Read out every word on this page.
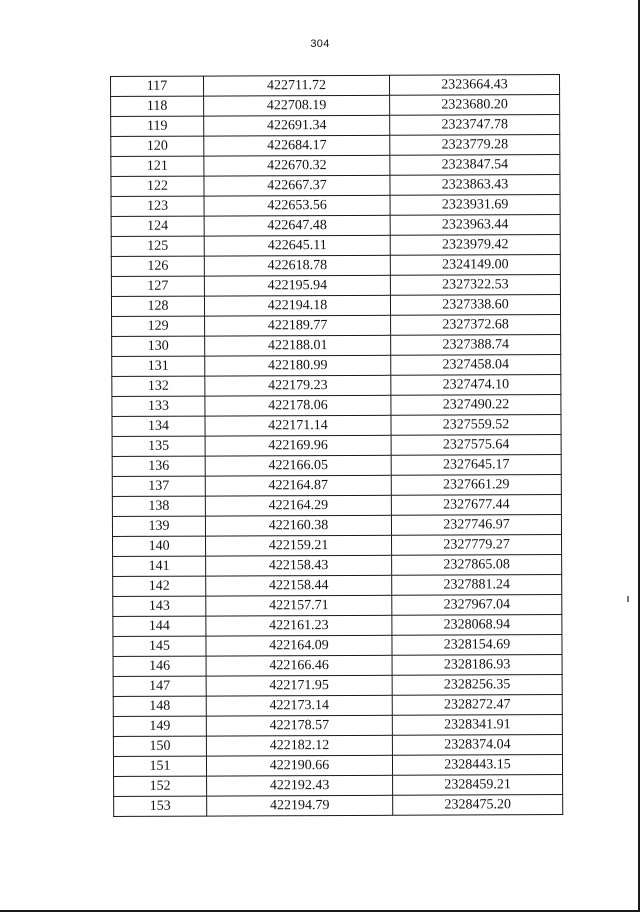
304
117	422711.72	2323664.43
118	422708.19	2323680.20
119	422691.34	2323747.78
120	422684.17	2323779.28
121	422670.32	2323847.54
122	422667.37	2323863.43
123	422653.56	2323931.69
124	422647.48	2323963.44
125	422645.11	2323979.42
126	422618.78	2324149.00
127	422195.94	2327322.53
128	422194.18	2327338.60
129	422189.77	2327372.68
130	422188.01	2327388.74
131	422180.99	2327458.04
132	422179.23	2327474.10
133	422178.06	2327490.22
134	422171.14	2327559.52
135	422169.96	2327575.64
136	422166.05	2327645.17
137	422164.87	2327661.29
138	422164.29	2327677.44
139	422160.38	2327746.97
140	422159.21	2327779.27
141	422158.43	2327865.08
142	422158.44	2327881.24
143	422157.71	2327967.04
144	422161.23	2328068.94
145	422164.09	2328154.69
146	422166.46	2328186.93
147	422171.95	2328256.35
148	422173.14	2328272.47
149	422178.57	2328341.91
150	422182.12	2328374.04
151	422190.66	2328443.15
152	422192.43	2328459.21
153	422194.79	2328475.20
